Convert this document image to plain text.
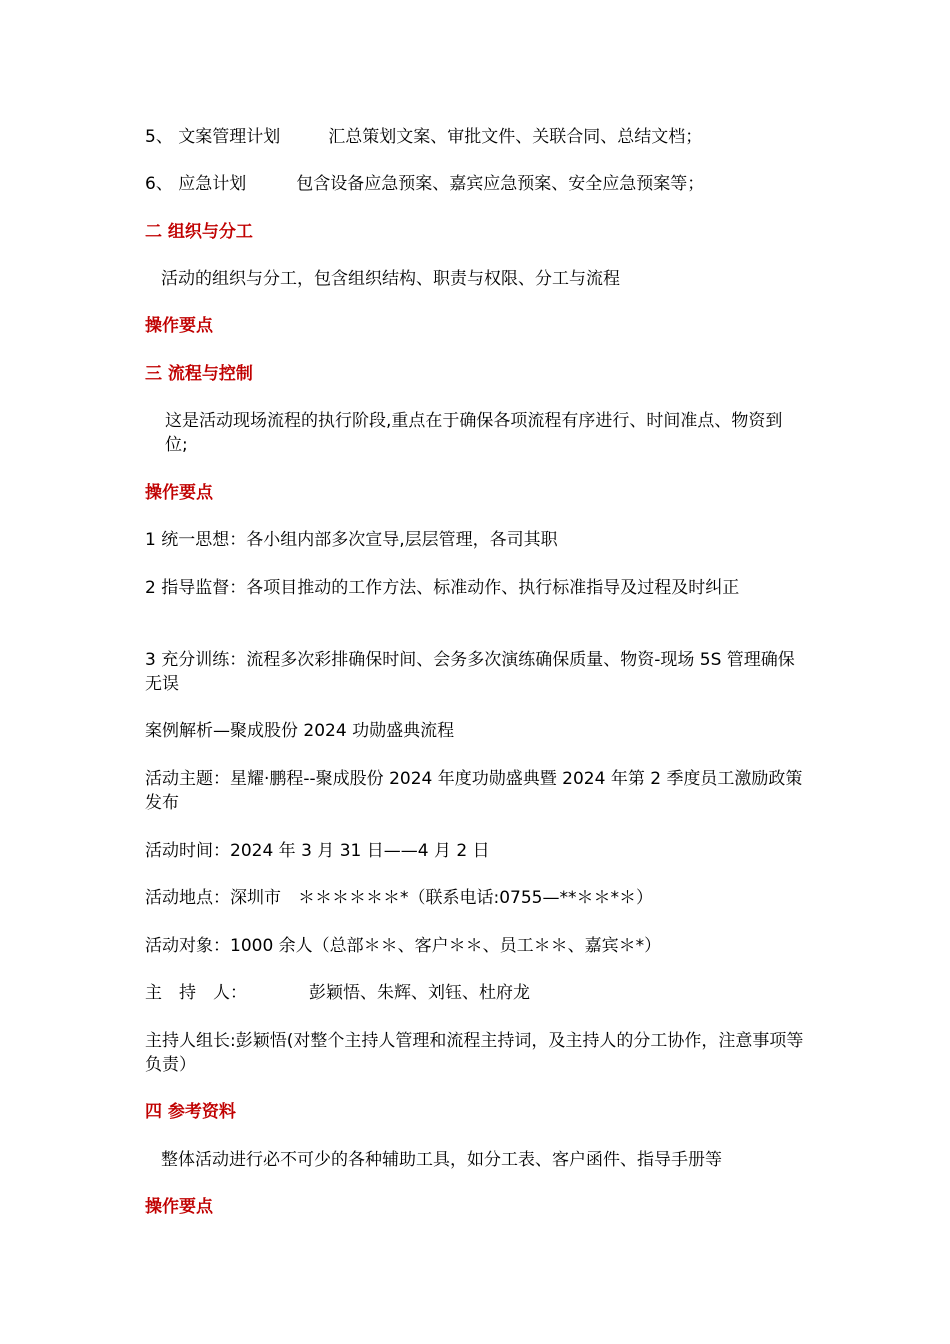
5、 文案管理计划	汇总策划文案、审批文件、关联合同、总结文档；
6、 应急计划	包含设备应急预案、嘉宾应急预案、安全应急预案等；
二 组织与分工
活动的组织与分工，包含组织结构、职责与权限、分工与流程
操作要点
三 流程与控制
这是活动现场流程的执行阶段,重点在于确保各项流程有序进行、时间准点、物资到位;
操作要点
1 统一思想：各小组内部多次宣导,层层管理，各司其职
2 指导监督：各项目推动的工作方法、标准动作、执行标准指导及过程及时纠正
3 充分训练：流程多次彩排确保时间、会务多次演练确保质量、物资-现场 5S 管理确保无误
案例解析—聚成股份 2024 功勋盛典流程
活动主题：星耀·鹏程--聚成股份 2024 年度功勋盛典暨 2024 年第 2 季度员工激励政策发布
活动时间：2024 年 3 月 31 日——4 月 2 日
活动地点：深圳市　＊＊＊＊＊＊*（联系电话:0755—**＊＊*＊）
活动对象：1000 余人（总部＊＊、客户＊＊、员工＊＊、嘉宾＊*）
主　持　人：	彭颖悟、朱辉、刘钰、杜府龙
主持人组长:彭颖悟(对整个主持人管理和流程主持词，及主持人的分工协作，注意事项等负责）
四 参考资料
整体活动进行必不可少的各种辅助工具，如分工表、客户函件、指导手册等
操作要点
